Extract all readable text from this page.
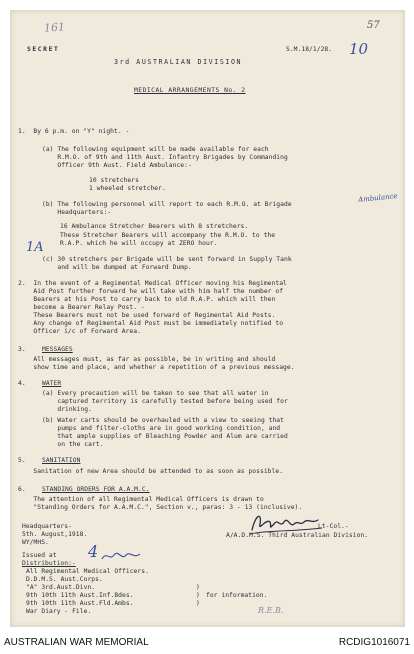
161	57
SECRET	S.M.18/1/28. 10
3rd AUSTRALIAN DIVISION
MEDICAL ARRANGEMENTS No. 2
1.  By 6 p.m. on "Y" night. -
(a) The following equipment will be made available for each
R.M.O. of 9th and 11th Aust. Infantry Brigades by Commanding
Officer 9th Aust. Field Ambulance:-
10 stretchers
1 wheeled stretcher.
(b) The following personnel will report to each R.M.O. at Brigade
Headquarters:-
Ambulance
16 Ambulance Stretcher Bearers with 8 stretchers.
These Stretcher Bearers will accompany the R.M.O. to the
R.A.P. which he will occupy at ZERO hour.
1A
(c) 30 stretchers per Brigade will be sent forward in Supply Tank
and will be dumped at Forward Dump.
2.  In the event of a Regimental Medical Officer moving his Regimental
Aid Post further forward he will take with him half the number of
Bearers at his Post to carry back to old R.A.P. which will then
become a Bearer Relay Post. -
These Bearers must not be used forward of Regimental Aid Posts.
Any change of Regimental Aid Post must be immediately notified to
Officer i/c of Forward Area.
3.	MESSAGES
All messages must, as far as possible, be in writing and should
show time and place, and whether a repetition of a previous message.
4.	WATER
(a) Every precaution will be taken to see that all water in
captured territory is carefully tested before being used for
drinking.
(b) Water carts should be overhauled with a view to seeing that
pumps and filter-cloths are in good working condition, and
that ample supplies of Bleaching Powder and Alum are carried
on the cart.
5.	SANITATION
Sanitation of new Area should be attended to as soon as possible.
6.	STANDING ORDERS FOR A.A.M.C.
The attention of all Regimental Medical Officers is drawn to
"Standing Orders for A.A.M.C.", Section v., paras: 3 - 13 (inclusive).
Headquarters-
5th. August,1918.
WY/MHS.
Lt-Col.-
A/A.D.M.S. Third Australian Division.
Issued at 4
Distribution:-
All Regimental Medical Officers.
D.D.M.S. Aust.Corps.
"A" 3rd.Aust.Divn.
9th 10th 11th Aust.Inf.Bdes.
9th 10th 11th Aust.Fld.Ambs.
War Diary - File.
)
)
)
for information.
R.E.B.
AUSTRALIAN WAR MEMORIAL	RCDIG1016071
